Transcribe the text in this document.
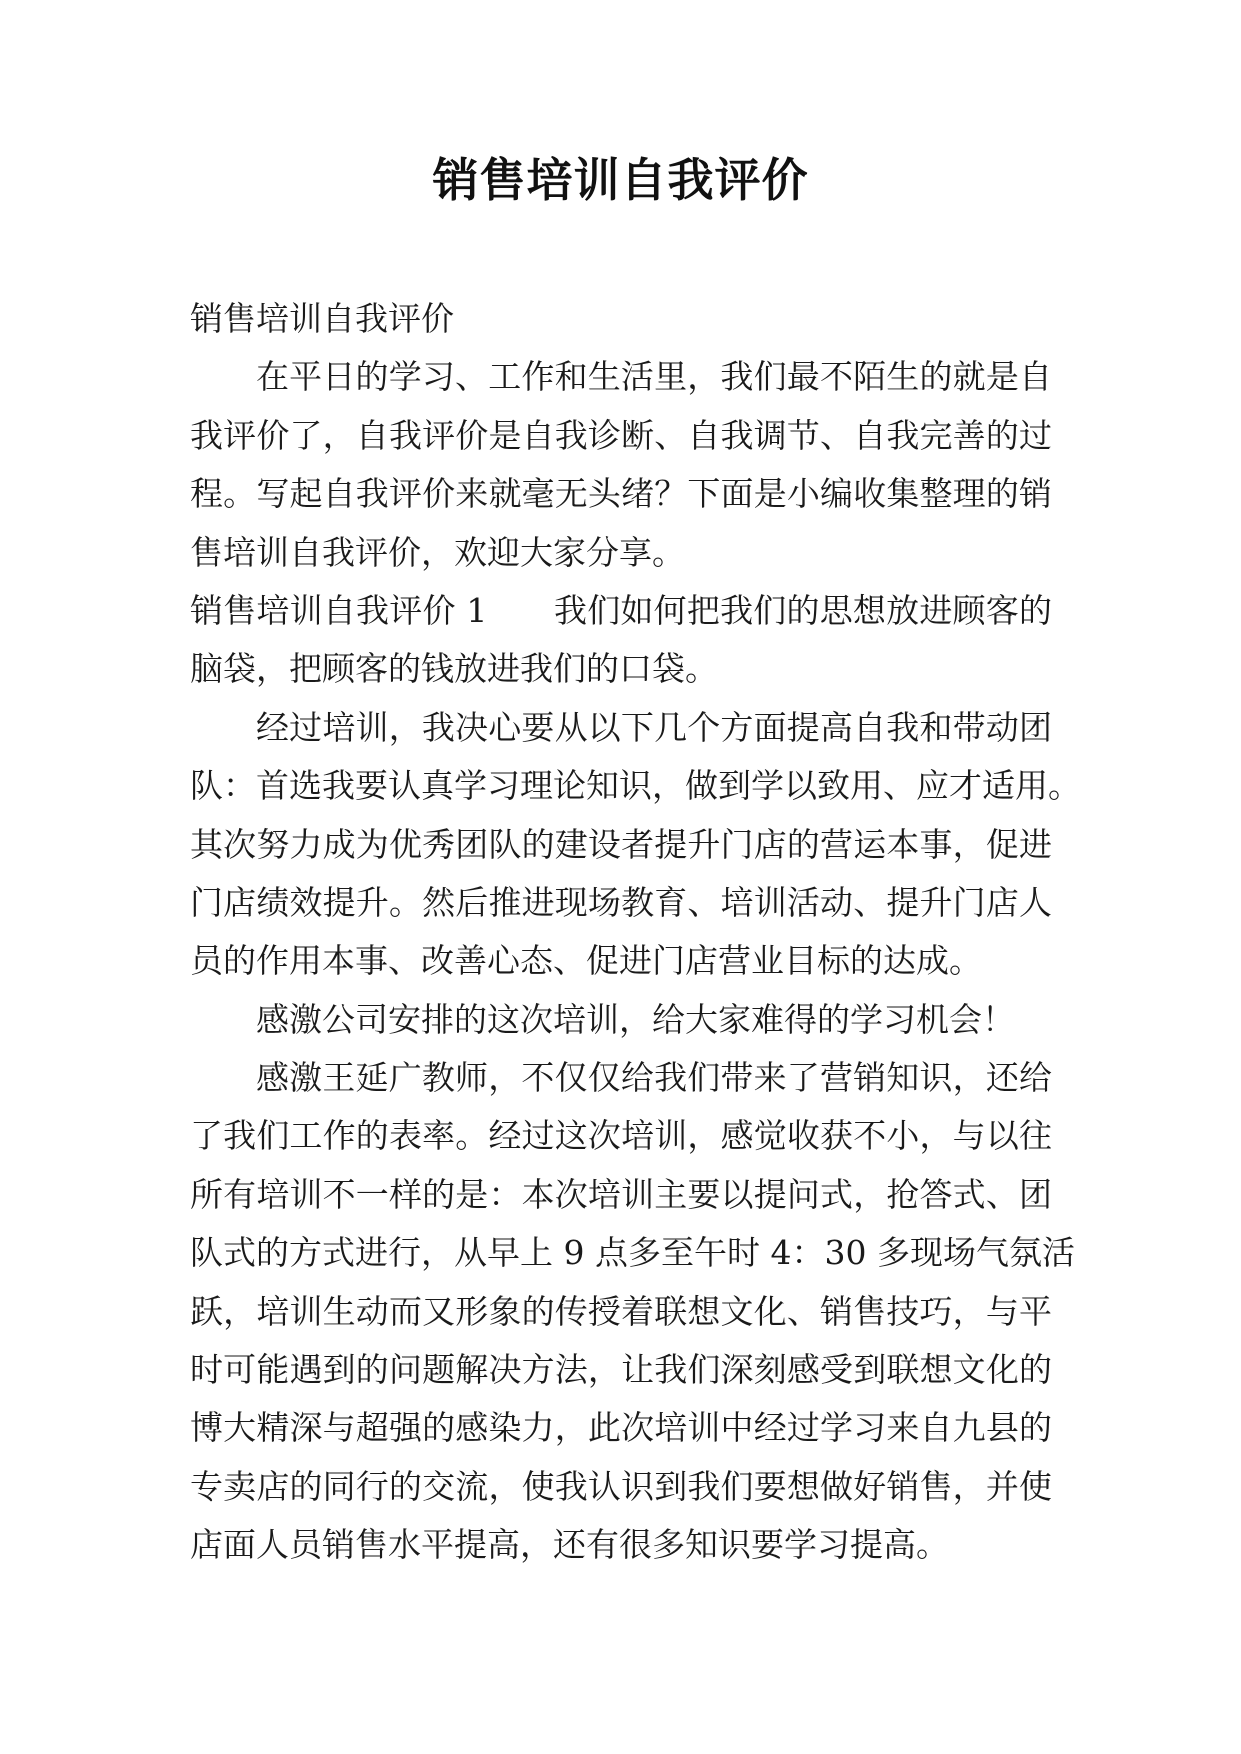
销售培训自我评价
销售培训自我评价
在平日的学习、工作和生活里，我们最不陌生的就是自
我评价了，自我评价是自我诊断、自我调节、自我完善的过
程。写起自我评价来就毫无头绪？下面是小编收集整理的销
售培训自我评价，欢迎大家分享。
销售培训自我评价 1　　我们如何把我们的思想放进顾客的
脑袋，把顾客的钱放进我们的口袋。
经过培训，我决心要从以下几个方面提高自我和带动团
队：首选我要认真学习理论知识，做到学以致用、应才适用。
其次努力成为优秀团队的建设者提升门店的营运本事，促进
门店绩效提升。然后推进现场教育、培训活动、提升门店人
员的作用本事、改善心态、促进门店营业目标的达成。
感激公司安排的这次培训，给大家难得的学习机会！
感激王延广教师，不仅仅给我们带来了营销知识，还给
了我们工作的表率。经过这次培训，感觉收获不小，与以往
所有培训不一样的是：本次培训主要以提问式，抢答式、团
队式的方式进行，从早上 9 点多至午时 4：30 多现场气氛活
跃，培训生动而又形象的传授着联想文化、销售技巧，与平
时可能遇到的问题解决方法，让我们深刻感受到联想文化的
博大精深与超强的感染力，此次培训中经过学习来自九县的
专卖店的同行的交流，使我认识到我们要想做好销售，并使
店面人员销售水平提高，还有很多知识要学习提高。
